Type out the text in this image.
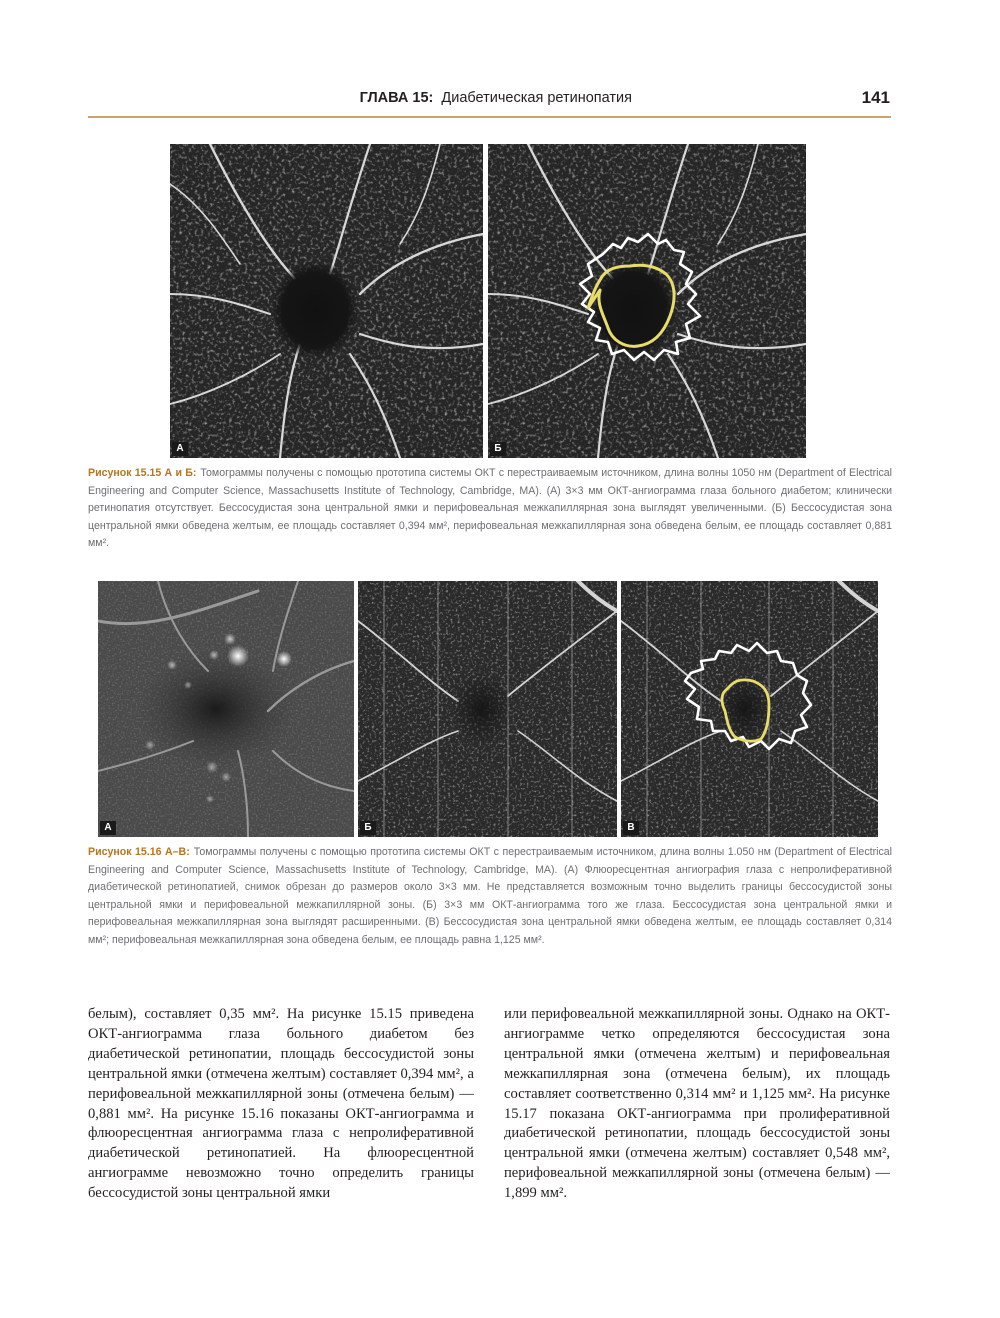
ГЛАВА 15: Диабетическая ретинопатия	141
А	Б
Рисунок 15.15 А и Б: Томограммы получены с помощью прототипа системы ОКТ с перестраиваемым источником, длина волны 1050 нм (Department of Electrical Engineering and Computer Science, Massachusetts Institute of Technology, Cambridge, MA). (А) 3×3 мм ОКТ-ангиограмма глаза больного диабетом; клинически ретинопатия отсутствует. Бессосудистая зона центральной ямки и перифовеальная межкапиллярная зона выглядят увеличенными. (Б) Бессосудистая зона центральной ямки обведена желтым, ее площадь составляет 0,394 мм², перифовеальная межкапиллярная зона обведена белым, ее площадь составляет 0,881 мм².
А	Б	В
Рисунок 15.16 А–В: Томограммы получены с помощью прототипа системы ОКТ с перестраиваемым источником, длина волны 1.050 нм (Department of Electrical Engineering and Computer Science, Massachusetts Institute of Technology, Cambridge, MA). (А) Флюоресцентная ангиография глаза с непролиферативной диабетической ретинопатией, снимок обрезан до размеров около 3×3 мм. Не представляется возможным точно выделить границы бессосудистой зоны центральной ямки и перифовеальной межкапиллярной зоны. (Б) 3×3 мм ОКТ-ангиограмма того же глаза. Бессосудистая зона центральной ямки и перифовеальная межкапиллярная зона выглядят расширенными. (В) Бессосудистая зона центральной ямки обведена желтым, ее площадь составляет 0,314 мм²; перифовеальная межкапиллярная зона обведена белым, ее площадь равна 1,125 мм².

белым), составляет 0,35 мм². На рисунке 15.15 приведена ОКТ-ангиограмма глаза больного диабетом без диабетической ретинопатии, площадь бессосудистой зоны центральной ямки (отмечена желтым) составляет 0,394 мм², а перифовеальной межкапиллярной зоны (отмечена белым) — 0,881 мм². На рисунке 15.16 показаны ОКТ-ангиограмма и флюоресцентная ангиограмма глаза с непролиферативной диабетической ретинопатией. На флюоресцентной ангиограмме невозможно точно определить границы бессосудистой зоны центральной ямки

или перифовеальной межкапиллярной зоны. Однако на ОКТ-ангиограмме четко определяются бессосудистая зона центральной ямки (отмечена желтым) и перифовеальная межкапиллярная зона (отмечена белым), их площадь составляет соответственно 0,314 мм² и 1,125 мм². На рисунке 15.17 показана ОКТ-ангиограмма при пролиферативной диабетической ретинопатии, площадь бессосудистой зоны центральной ямки (отмечена желтым) составляет 0,548 мм², перифовеальной межкапиллярной зоны (отмечена белым) — 1,899 мм².
